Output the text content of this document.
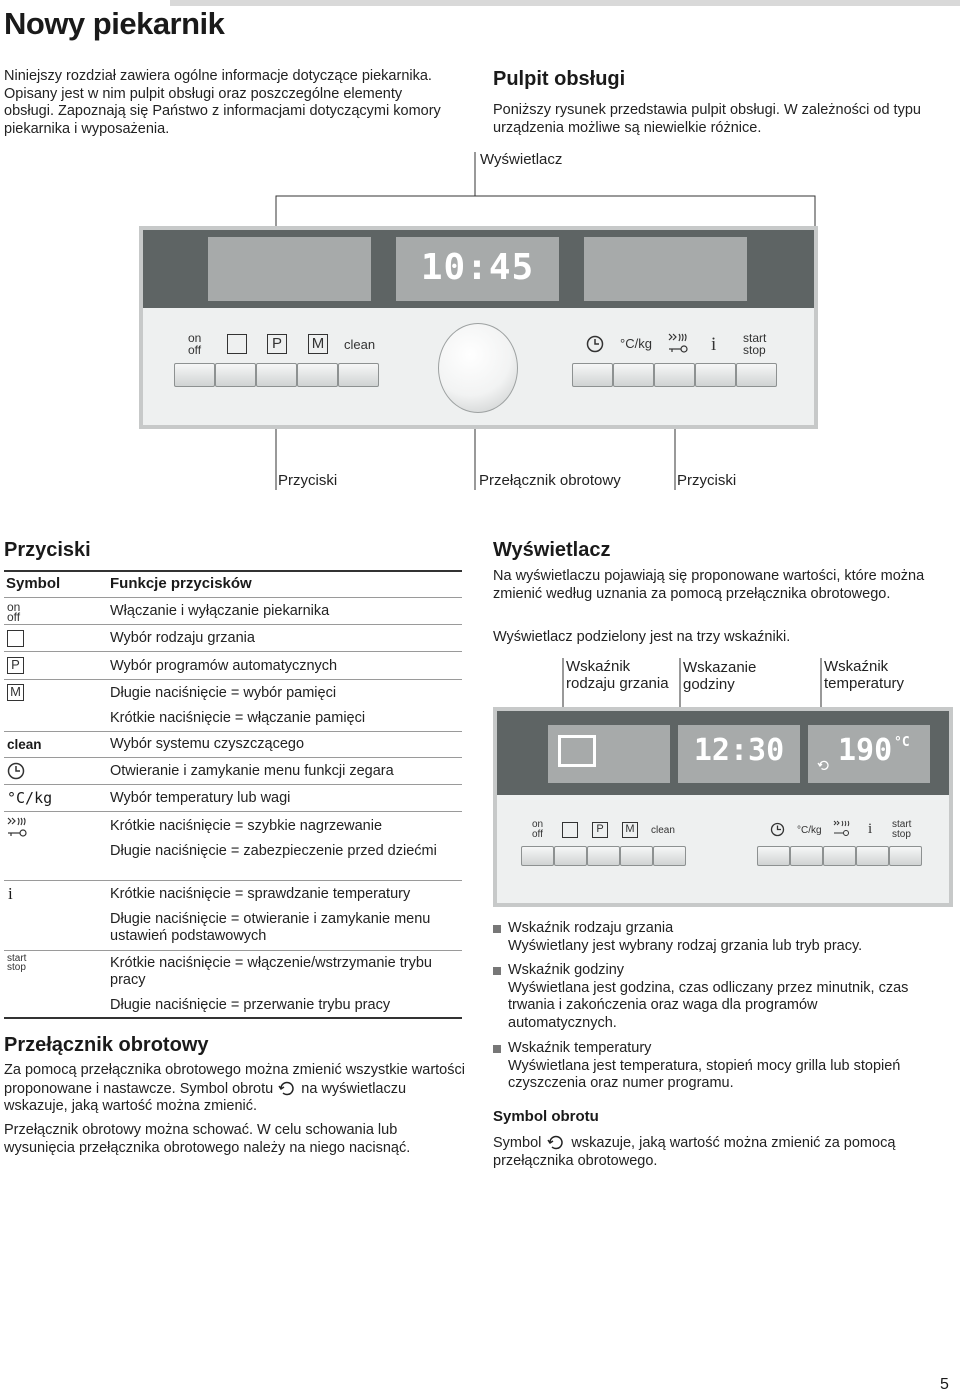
Nowy piekarnik
Niniejszy rozdział zawiera ogólne informacje dotyczące piekarnika. Opisany jest w nim pulpit obsługi oraz poszczególne elementy obsługi. Zapoznają się Państwo z informacjami dotyczącymi komory piekarnika i wyposażenia.
Pulpit obsługi
Poniższy rysunek przedstawia pulpit obsługi. W zależności od typu urządzenia możliwe są niewielkie różnice.
Wyświetlacz
10:45
on
off	P	M clean	°C/kg	i start
stop
Przyciski	Przełącznik obrotowy	Przyciski
Przyciski
Symbol	Funkcje przycisków
on
off	Włączanie i wyłączanie piekarnika
Wybór rodzaju grzania
P	Wybór programów automatycznych
M	Długie naciśnięcie = wybór pamięci
Krótkie naciśnięcie = włączanie pamięci
clean	Wybór systemu czyszczącego
Otwieranie i zamykanie menu funkcji zegara
°C/kg	Wybór temperatury lub wagi
Krótkie naciśnięcie = szybkie nagrzewanie
Długie naciśnięcie = zabezpieczenie przed dziećmi
i	Krótkie naciśnięcie = sprawdzanie temperatury
Długie naciśnięcie = otwieranie i zamykanie menu ustawień podstawowych
start
stop	Krótkie naciśnięcie = włączenie/wstrzymanie trybu pracy
Długie naciśnięcie = przerwanie trybu pracy
Przełącznik obrotowy
Za pomocą przełącznika obrotowego można zmienić wszystkie wartości proponowane i nastawcze. Symbol obrotu na wyświetlaczu wskazuje, jaką wartość można zmienić.
Przełącznik obrotowy można schować. W celu schowania lub wysunięcia przełącznika obrotowego należy na niego nacisnąć.
Wyświetlacz
Na wyświetlaczu pojawiają się proponowane wartości, które można zmienić według uznania za pomocą przełącznika obrotowego.
Wyświetlacz podzielony jest na trzy wskaźniki.
Wskaźnik
rodzaju grzania
Wskazanie
godziny
Wskaźnik
temperatury
12:30	190 °C
on
off	P	M	clean	°C/kg	i start
stop
Wskaźnik rodzaju grzania
Wyświetlany jest wybrany rodzaj grzania lub tryb pracy.
Wskaźnik godziny
Wyświetlana jest godzina, czas odliczany przez minutnik, czas trwania i zakończenia oraz waga dla programów automatycznych.
Wskaźnik temperatury
Wyświetlana jest temperatura, stopień mocy grilla lub stopień czyszczenia oraz numer programu.
Symbol obrotu
Symbol wskazuje, jaką wartość można zmienić za pomocą przełącznika obrotowego.
5
